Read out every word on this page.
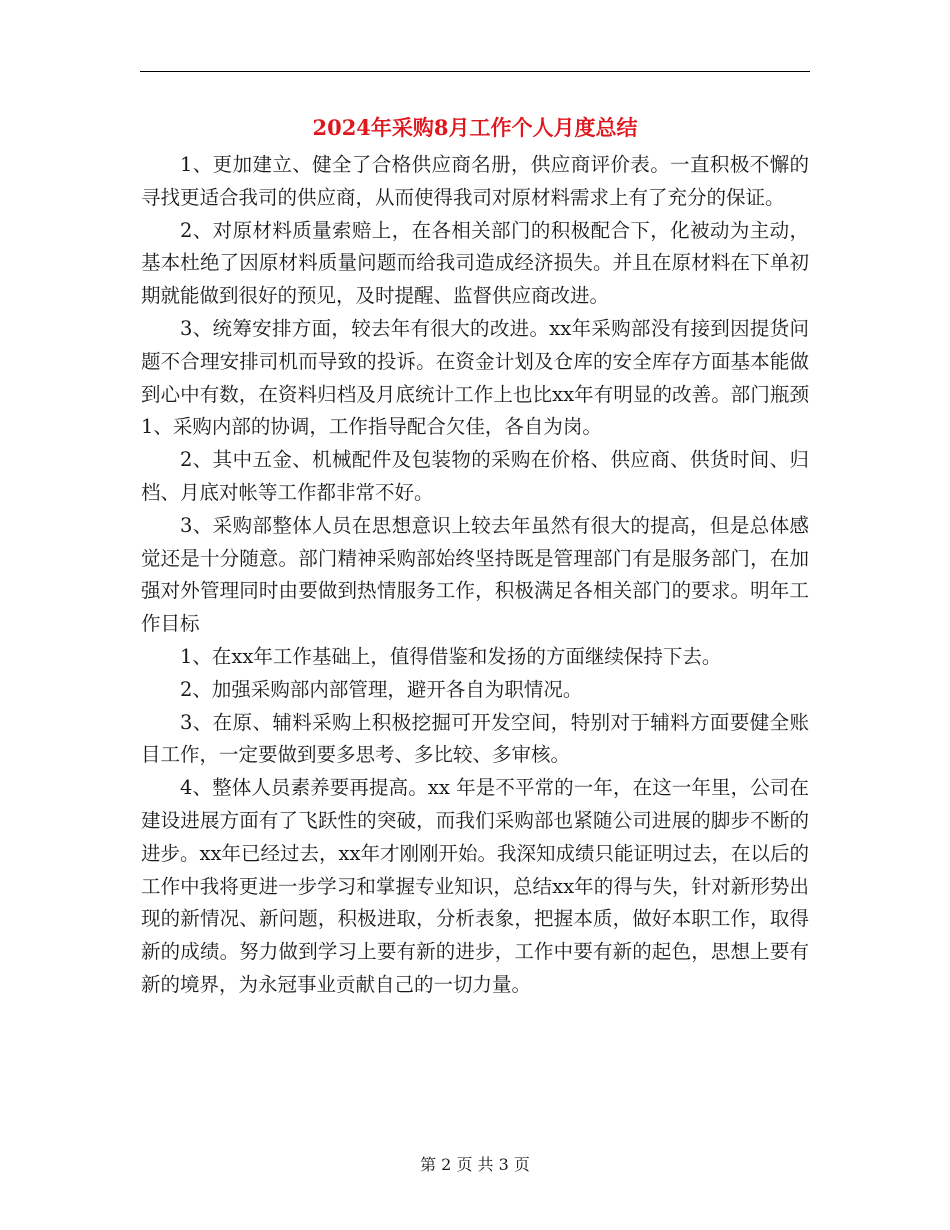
2024年采购8月工作个人月度总结

1、更加建立、健全了合格供应商名册，供应商评价表。一直积极不懈的寻找更适合我司的供应商，从而使得我司对原材料需求上有了充分的保证。

2、对原材料质量索赔上，在各相关部门的积极配合下，化被动为主动，基本杜绝了因原材料质量问题而给我司造成经济损失。并且在原材料在下单初期就能做到很好的预见，及时提醒、监督供应商改进。

3、统筹安排方面，较去年有很大的改进。xx年采购部没有接到因提货问题不合理安排司机而导致的投诉。在资金计划及仓库的安全库存方面基本能做到心中有数，在资料归档及月底统计工作上也比xx年有明显的改善。部门瓶颈1、采购内部的协调，工作指导配合欠佳，各自为岗。

2、其中五金、机械配件及包装物的采购在价格、供应商、供货时间、归档、月底对帐等工作都非常不好。

3、采购部整体人员在思想意识上较去年虽然有很大的提高，但是总体感觉还是十分随意。部门精神采购部始终坚持既是管理部门有是服务部门，在加强对外管理同时由要做到热情服务工作，积极满足各相关部门的要求。明年工作目标

1、在xx年工作基础上，值得借鉴和发扬的方面继续保持下去。

2、加强采购部内部管理，避开各自为职情况。

3、在原、辅料采购上积极挖掘可开发空间，特别对于辅料方面要健全账目工作，一定要做到要多思考、多比较、多审核。

4、整体人员素养要再提高。xx 年是不平常的一年，在这一年里，公司在建设进展方面有了飞跃性的突破，而我们采购部也紧随公司进展的脚步不断的进步。xx年已经过去，xx年才刚刚开始。我深知成绩只能证明过去，在以后的工作中我将更进一步学习和掌握专业知识，总结xx年的得与失，针对新形势出现的新情况、新问题，积极进取，分析表象，把握本质，做好本职工作，取得新的成绩。努力做到学习上要有新的进步，工作中要有新的起色，思想上要有新的境界，为永冠事业贡献自己的一切力量。

第 2 页 共 3 页
